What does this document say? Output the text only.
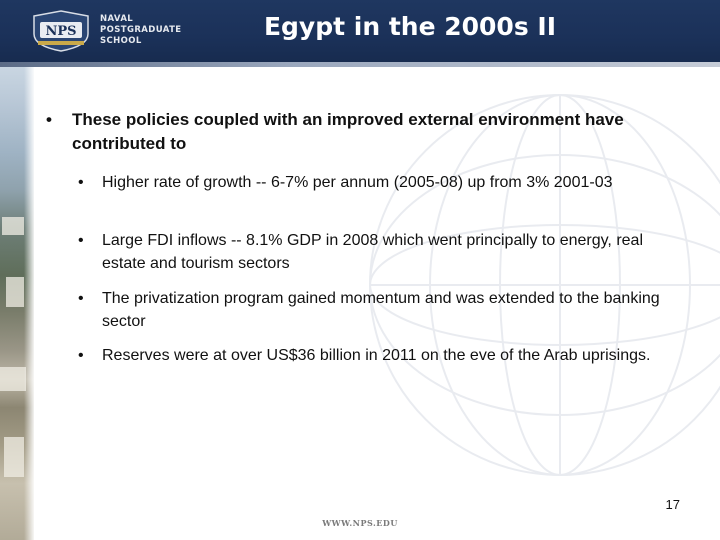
NPS
NAVAL
POSTGRADUATE
SCHOOL	Egypt in the 2000s II
• These policies coupled with an improved external environment have contributed to
• Higher rate of growth -- 6-7% per annum (2005-08) up from 3% 2001-03
• Large FDI inflows -- 8.1% GDP in 2008 which went principally to energy, real estate and tourism sectors
• The privatization program gained momentum and was extended to the banking sector
• Reserves were at over US$36 billion in 2011 on the eve of the Arab uprisings.
17
WWW.NPS.EDU
